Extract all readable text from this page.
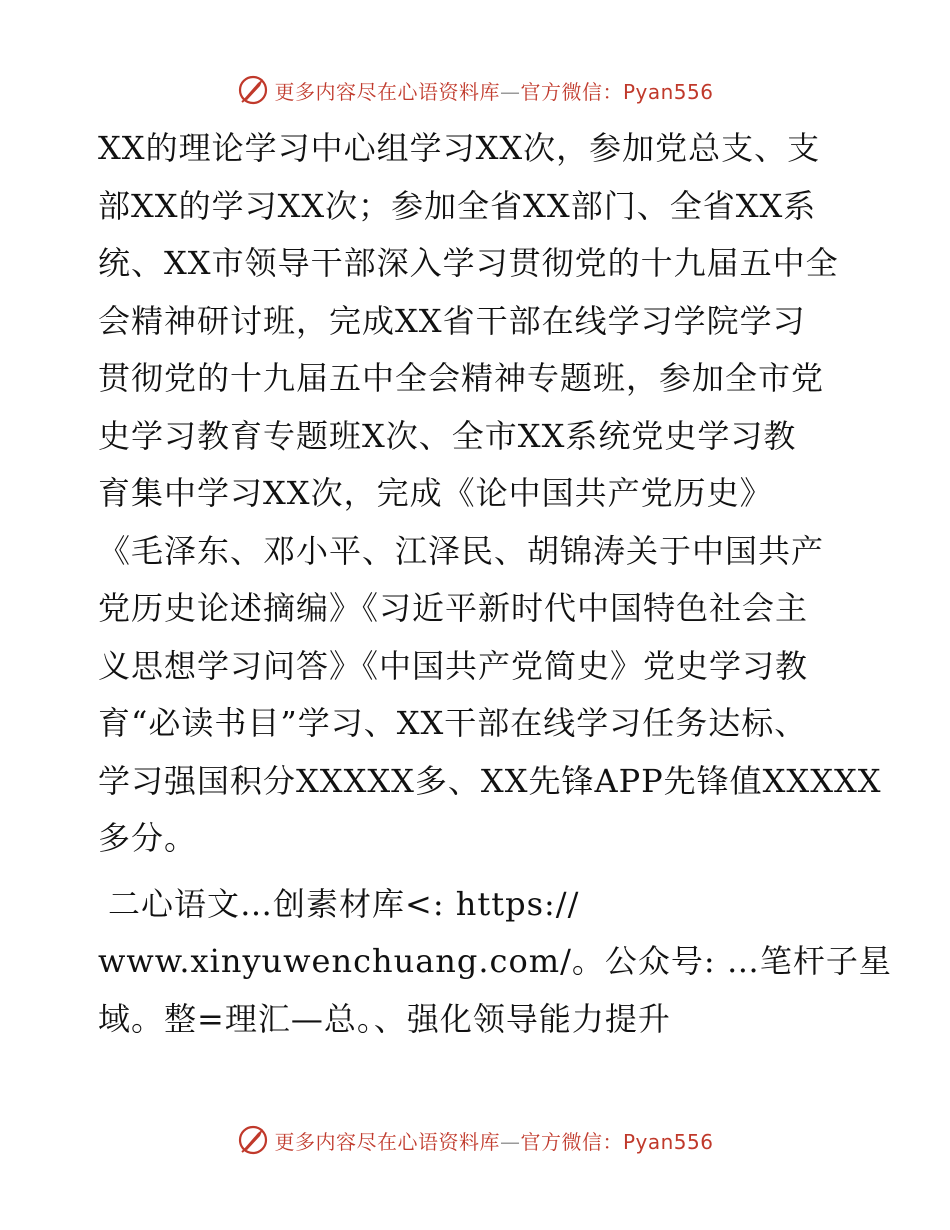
更多内容尽在心语资料库—官方微信：Pyan556
XX的理论学习中心组学习XX次，参加党总支、支
部XX的学习XX次；参加全省XX部门、全省XX系
统、XX市领导干部深入学习贯彻党的十九届五中全
会精神研讨班，完成XX省干部在线学习学院学习
贯彻党的十九届五中全会精神专题班，参加全市党
史学习教育专题班X次、全市XX系统党史学习教
育集中学习XX次，完成《论中国共产党历史》
《毛泽东、邓小平、江泽民、胡锦涛关于中国共产
党历史论述摘编》《习近平新时代中国特色社会主
义思想学习问答》《中国共产党简史》党史学习教
育“必读书目”学习、XX干部在线学习任务达标、
学习强国积分XXXXX多、XX先锋APP先锋值XXXXX
多分。
二心语文…创素材库<: https://
www.xinyuwenchuang.com/。公众号: …笔杆子星
域。整=理汇—总。、强化领导能力提升
更多内容尽在心语资料库—官方微信：Pyan556
